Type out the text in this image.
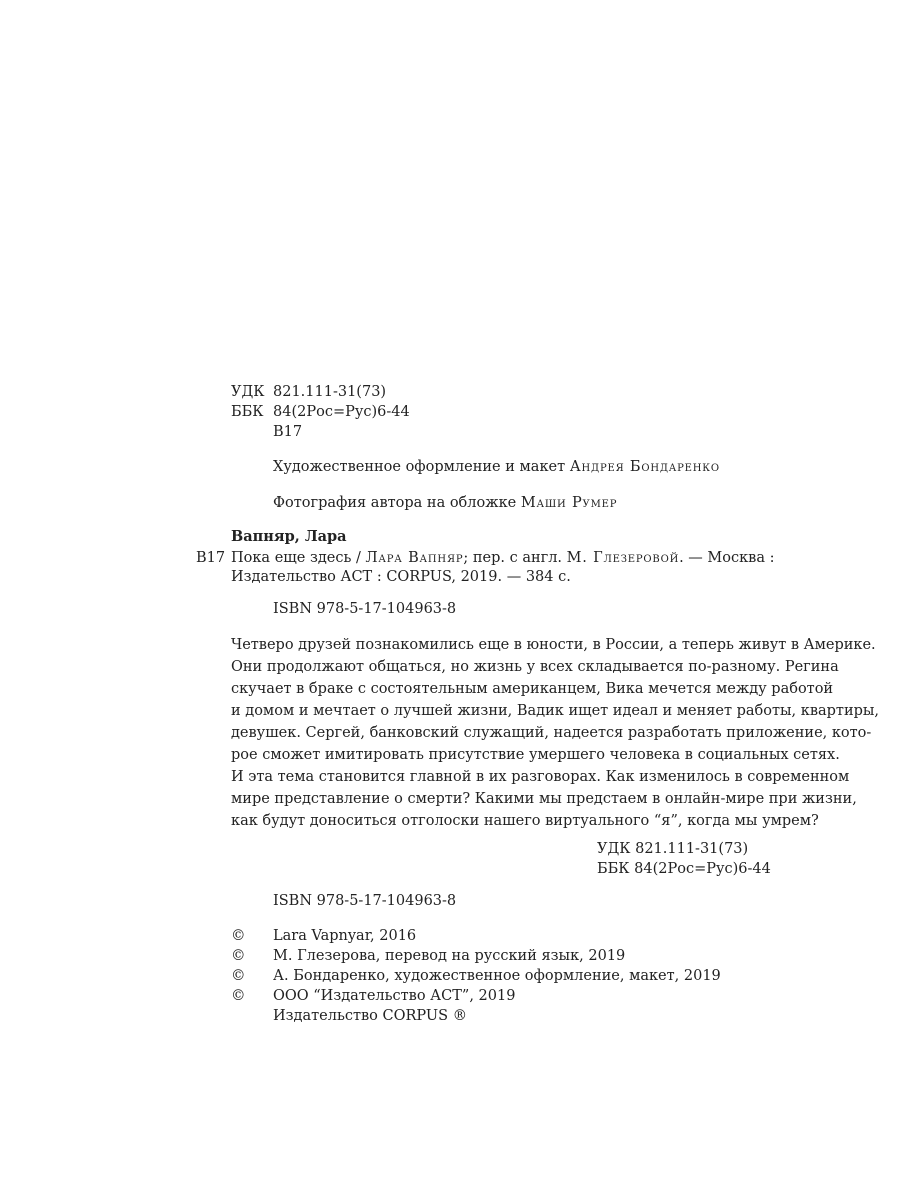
УДК 821.111-31(73)
ББК 84(2Рос=Рус)6-44
В17
Художественное оформление и макет Андрея Бондаренко
Фотография автора на обложке Маши Румер
Вапняр, Лара
В17 Пока еще здесь / Лара Вапняр; пер. с англ. М. Глезеровой. — Москва :
Издательство АСТ : CORPUS, 2019. — 384 с.
ISBN 978-5-17-104963-8
Четверо друзей познакомились еще в юности, в России, а теперь живут в Америке.
Они продолжают общаться, но жизнь у всех складывается по-разному. Регина
скучает в браке с состоятельным американцем, Вика мечется между работой
и домом и мечтает о лучшей жизни, Вадик ищет идеал и меняет работы, квартиры,
девушек. Сергей, банковский служащий, надеется разработать приложение, кото-
рое сможет имитировать присутствие умершего человека в социальных сетях.
И эта тема становится главной в их разговорах. Как изменилось в современном
мире представление о смерти? Какими мы предстаем в онлайн-мире при жизни,
как будут доноситься отголоски нашего виртуального “я”, когда мы умрем?
УДК 821.111-31(73)
ББК 84(2Рос=Рус)6-44
ISBN 978-5-17-104963-8
© Lara Vapnyar, 2016
© М. Глезерова, перевод на русский язык, 2019
© А. Бондаренко, художественное оформление, макет, 2019
© ООО “Издательство АСТ”, 2019
Издательство CORPUS ®
